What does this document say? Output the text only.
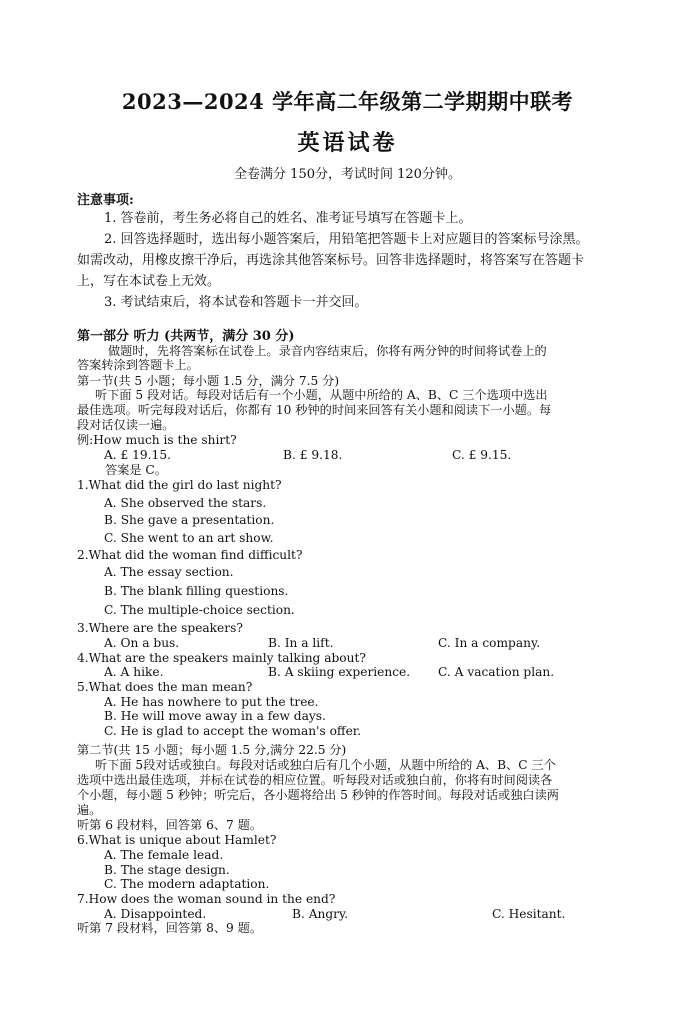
2023—2024 学年高二年级第二学期期中联考
英语试卷
全卷满分 150分，考试时间 120分钟。
注意事项:
1. 答卷前，考生务必将自己的姓名、准考证号填写在答题卡上。
2. 回答选择题时，选出每小题答案后，用铅笔把答题卡上对应题目的答案标号涂黑。
如需改动，用橡皮擦干净后，再选涂其他答案标号。回答非选择题时，将答案写在答题卡
上，写在本试卷上无效。
3. 考试结束后，将本试卷和答题卡一并交回。
第一部分 听力 (共两节，满分 30 分)
做题时，先将答案标在试卷上。录音内容结束后，你将有两分钟的时间将试卷上的
答案转涂到答题卡上。
第一节(共 5 小题；每小题 1.5 分，满分 7.5 分)
听下面 5 段对话。每段对话后有一个小题，从题中所给的 A、B、C 三个选项中选出
最佳选项。听完每段对话后，你都有 10 秒钟的时间来回答有关小题和阅读下一小题。每
段对话仅读一遍。
例:How much is the shirt?
A. £ 19.15.	B. £ 9.18.	C. £ 9.15.
答案是 C。
1.What did the girl do last night?
A. She observed the stars.
B. She gave a presentation.
C. She went to an art show.
2.What did the woman find difficult?
A. The essay section.
B. The blank filling questions.
C. The multiple-choice section.
3.Where are the speakers?
A. On a bus.	B. In a lift.	C. In a company.
4.What are the speakers mainly talking about?
A. A hike.	B. A skiing experience. C. A vacation plan.
5.What does the man mean?
A. He has nowhere to put the tree.
B. He will move away in a few days.
C. He is glad to accept the woman's offer.
第二节(共 15 小题；每小题 1.5 分,满分 22.5 分)
听下面 5段对话或独白。每段对话或独白后有几个小题，从题中所给的 A、B、C 三个
选项中选出最佳选项，并标在试卷的相应位置。听每段对话或独白前，你将有时间阅读各
个小题，每小题 5 秒钟；听完后，各小题将给出 5 秒钟的作答时间。每段对话或独白读两
遍。
听第 6 段材料，回答第 6、7 题。
6.What is unique about Hamlet?
A. The female lead.
B. The stage design.
C. The modern adaptation.
7.How does the woman sound in the end?
A. Disappointed.	B. Angry.	C. Hesitant.
听第 7 段材料，回答第 8、9 题。
